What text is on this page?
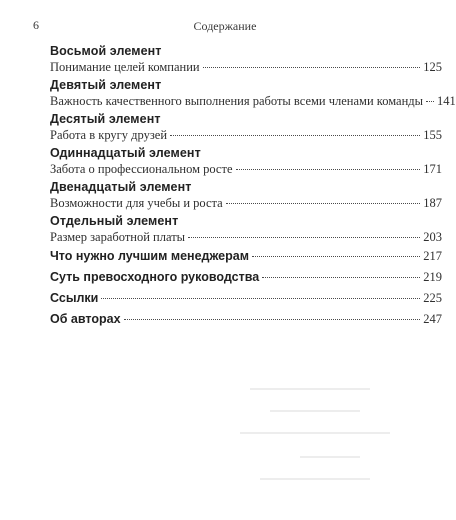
6	Содержание
Восьмой элемент
Понимание целей компании	125
Девятый элемент
Важность качественного выполнения работы всеми членами команды 141
Десятый элемент
Работа в кругу друзей	155
Одиннадцатый элемент
Забота о профессиональном росте	171
Двенадцатый элемент
Возможности для учебы и роста	187
Отдельный элемент
Размер заработной платы	203
Что нужно лучшим менеджерам	217
Суть превосходного руководства	219
Ссылки	225
Об авторах	247
